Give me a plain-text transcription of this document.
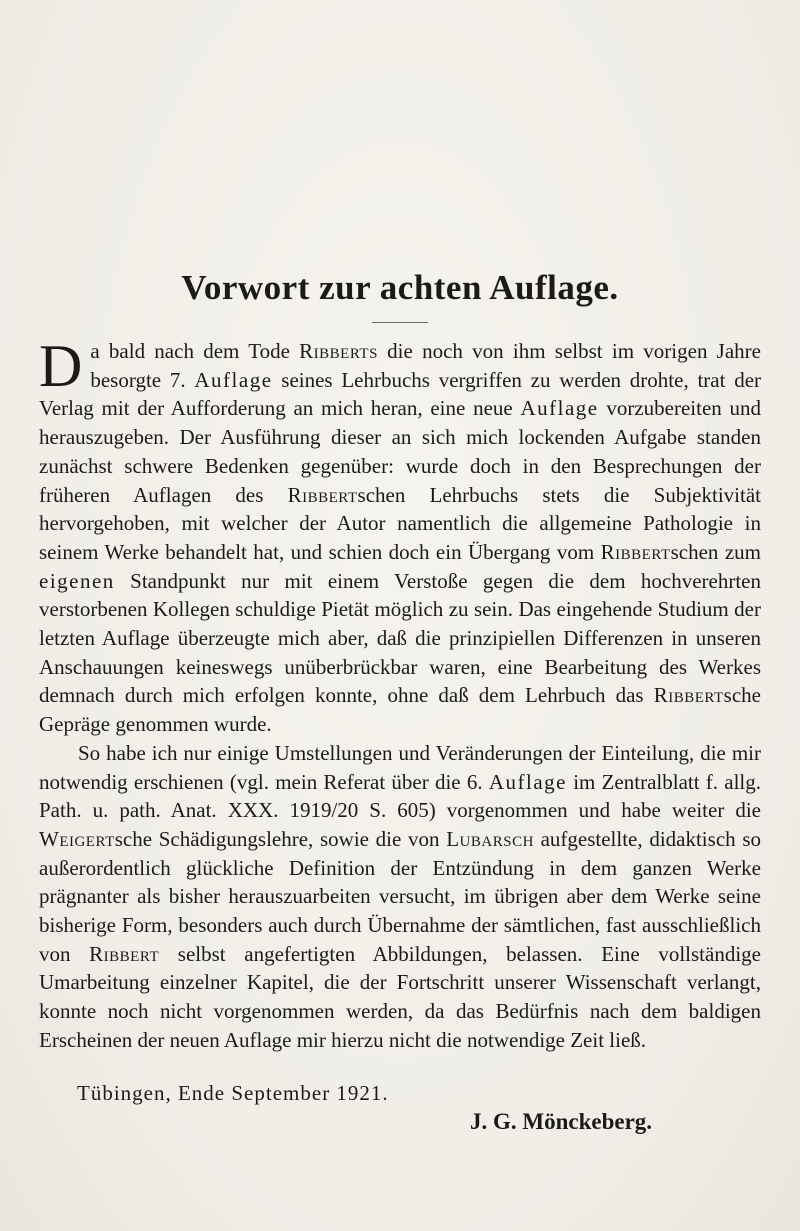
Vorwort zur achten Auflage.

Da bald nach dem Tode Ribberts die noch von ihm selbst im vorigen Jahre besorgte 7. Auflage seines Lehrbuchs vergriffen zu werden drohte, trat der Verlag mit der Aufforderung an mich heran, eine neue Auflage vorzubereiten und herauszugeben. Der Ausführung dieser an sich mich lockenden Aufgabe standen zunächst schwere Bedenken gegenüber: wurde doch in den Besprechungen der früheren Auflagen des Ribbertschen Lehrbuchs stets die Subjektivität hervorgehoben, mit welcher der Autor namentlich die allgemeine Pathologie in seinem Werke behandelt hat, und schien doch ein Übergang vom Ribbertschen zum eigenen Standpunkt nur mit einem Verstoße gegen die dem hochverehrten verstorbenen Kollegen schuldige Pietät möglich zu sein. Das eingehende Studium der letzten Auflage überzeugte mich aber, daß die prinzipiellen Differenzen in unseren Anschauungen keineswegs unüberbrückbar waren, eine Bearbeitung des Werkes demnach durch mich erfolgen konnte, ohne daß dem Lehrbuch das Ribbertsche Gepräge genommen wurde.

So habe ich nur einige Umstellungen und Veränderungen der Einteilung, die mir notwendig erschienen (vgl. mein Referat über die 6. Auflage im Zentralblatt f. allg. Path. u. path. Anat. XXX. 1919/20 S. 605) vorgenommen und habe weiter die Weigertsche Schädigungslehre, sowie die von Lubarsch aufgestellte, didaktisch so außerordentlich glückliche Definition der Entzündung in dem ganzen Werke prägnanter als bisher herauszuarbeiten versucht, im übrigen aber dem Werke seine bisherige Form, besonders auch durch Übernahme der sämtlichen, fast ausschließlich von Ribbert selbst angefertigten Abbildungen, belassen. Eine vollständige Umarbeitung einzelner Kapitel, die der Fortschritt unserer Wissenschaft verlangt, konnte noch nicht vorgenommen werden, da das Bedürfnis nach dem baldigen Erscheinen der neuen Auflage mir hierzu nicht die notwendige Zeit ließ.

Tübingen, Ende September 1921.
J. G. Mönckeberg.
